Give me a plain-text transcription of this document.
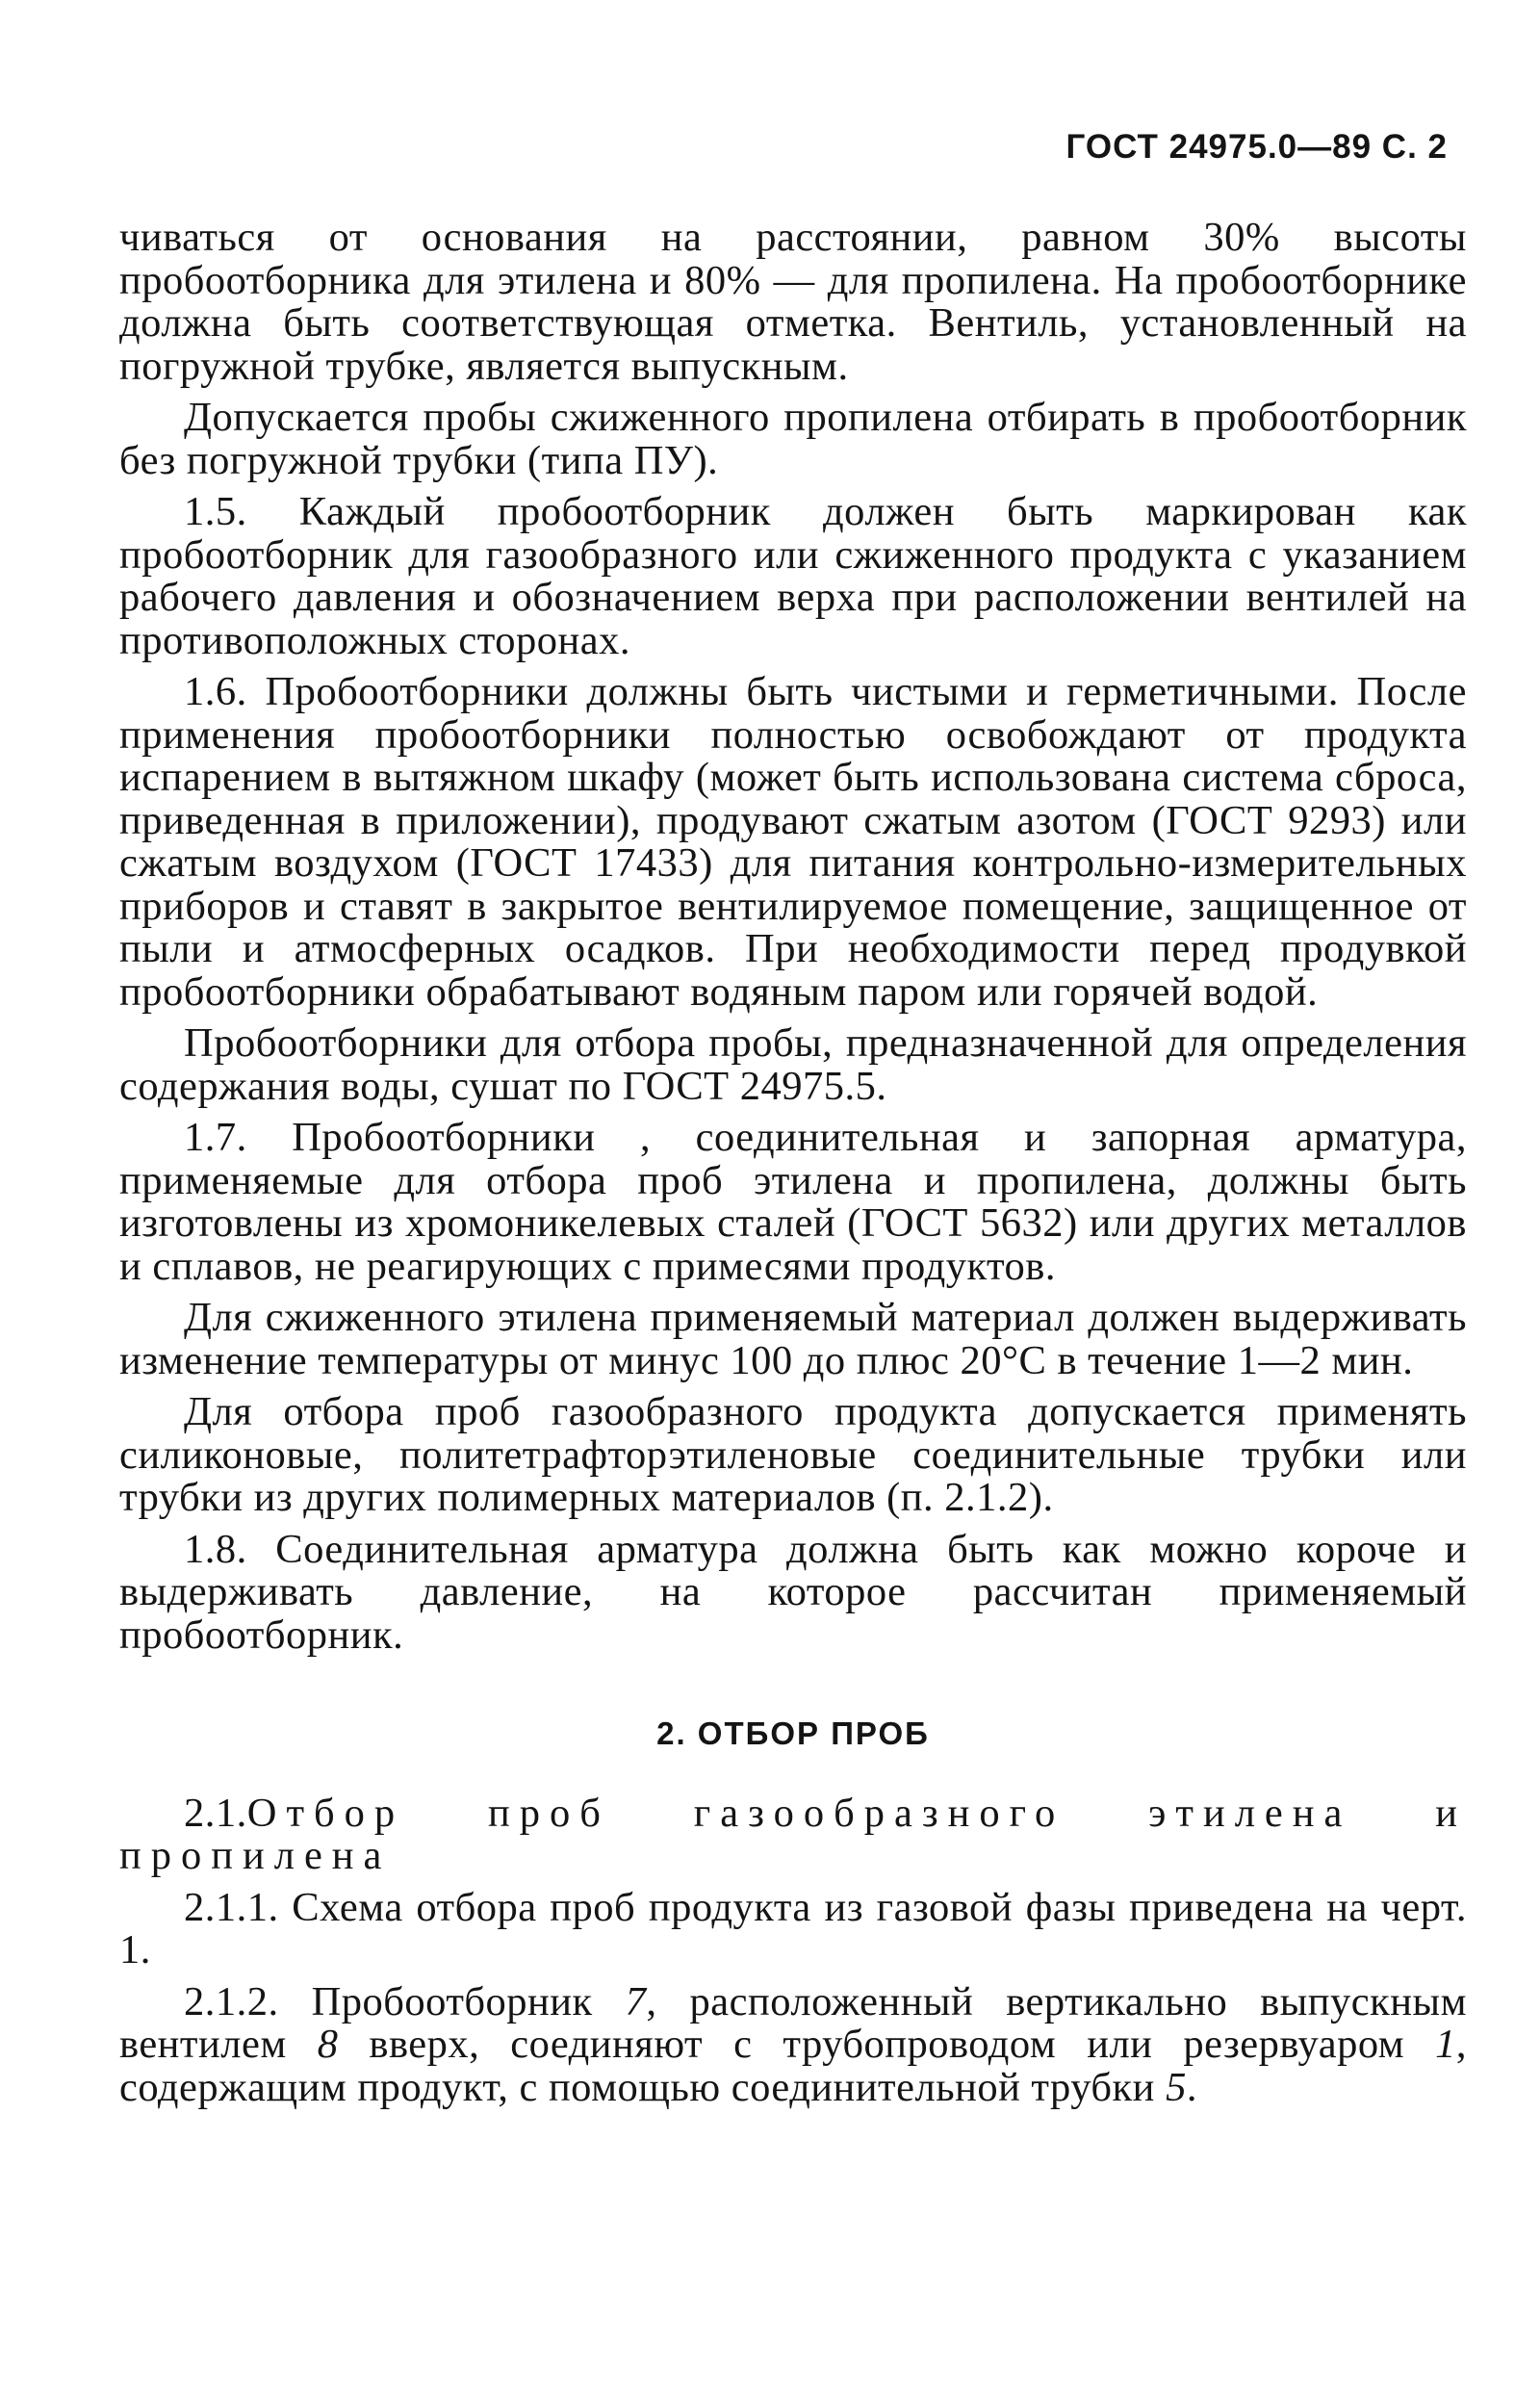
ГОСТ 24975.0—89 С. 2

чиваться от основания на расстоянии, равном 30% высоты пробоотборника для этилена и 80% — для пропилена. На пробоотборнике должна быть соответствующая отметка. Вентиль, установленный на погружной трубке, является выпускным.

Допускается пробы сжиженного пропилена отбирать в пробоотборник без погружной трубки (типа ПУ).

1.5. Каждый пробоотборник должен быть маркирован как пробоотборник для газообразного или сжиженного продукта с указанием рабочего давления и обозначением верха при расположении вентилей на противоположных сторонах.

1.6. Пробоотборники должны быть чистыми и герметичными. После применения пробоотборники полностью освобождают от продукта испарением в вытяжном шкафу (может быть использована система сброса, приведенная в приложении), продувают сжатым азотом (ГОСТ 9293) или сжатым воздухом (ГОСТ 17433) для питания контрольно-измерительных приборов и ставят в закрытое вентилируемое помещение, защищенное от пыли и атмосферных осадков. При необходимости перед продувкой пробоотборники обрабатывают водяным паром или горячей водой.

Пробоотборники для отбора пробы, предназначенной для определения содержания воды, сушат по ГОСТ 24975.5.

1.7. Пробоотборники , соединительная и запорная арматура, применяемые для отбора проб этилена и пропилена, должны быть изготовлены из хромоникелевых сталей (ГОСТ 5632) или других металлов и сплавов, не реагирующих с примесями продуктов.

Для сжиженного этилена применяемый материал должен выдерживать изменение температуры от минус 100 до плюс 20°С в течение 1—2 мин.

Для отбора проб газообразного продукта допускается применять силиконовые, политетрафторэтиленовые соединительные трубки или трубки из других полимерных материалов (п. 2.1.2).

1.8. Соединительная арматура должна быть как можно короче и выдерживать давление, на которое рассчитан применяемый пробоотборник.

2. ОТБОР ПРОБ

2.1.Отбор проб газообразного этилена и пропилена

2.1.1. Схема отбора проб продукта из газовой фазы приведена на черт. 1.

2.1.2. Пробоотборник 7, расположенный вертикально выпускным вентилем 8 вверх, соединяют с трубопроводом или резервуаром 1, содержащим продукт, с помощью соединительной трубки 5.
